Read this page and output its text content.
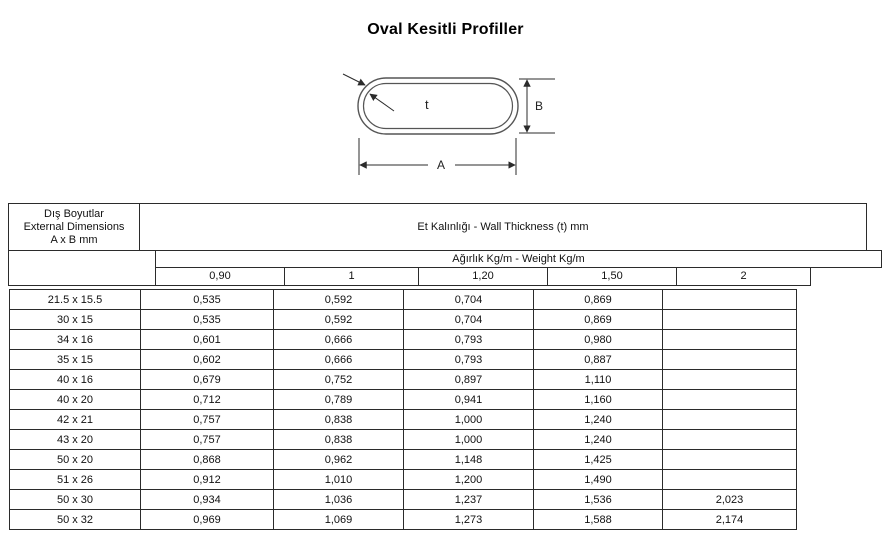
Oval Kesitli Profiller
t	B
A
Dış Boyutlar
External Dimensions
A x B mm
Et Kalınlığı - Wall Thickness (t) mm
Ağırlık Kg/m - Weight Kg/m
0,90	1	1,20	1,50	2
21.5 x 15.5	0,535	0,592	0,704	0,869	
30 x 15	0,535	0,592	0,704	0,869	
34 x 16	0,601	0,666	0,793	0,980	
35 x 15	0,602	0,666	0,793	0,887	
40 x 16	0,679	0,752	0,897	1,110	
40 x 20	0,712	0,789	0,941	1,160	
42 x 21	0,757	0,838	1,000	1,240	
43 x 20	0,757	0,838	1,000	1,240	
50 x 20	0,868	0,962	1,148	1,425	
51 x 26	0,912	1,010	1,200	1,490	
50 x 30	0,934	1,036	1,237	1,536	2,023
50 x 32	0,969	1,069	1,273	1,588	2,174
